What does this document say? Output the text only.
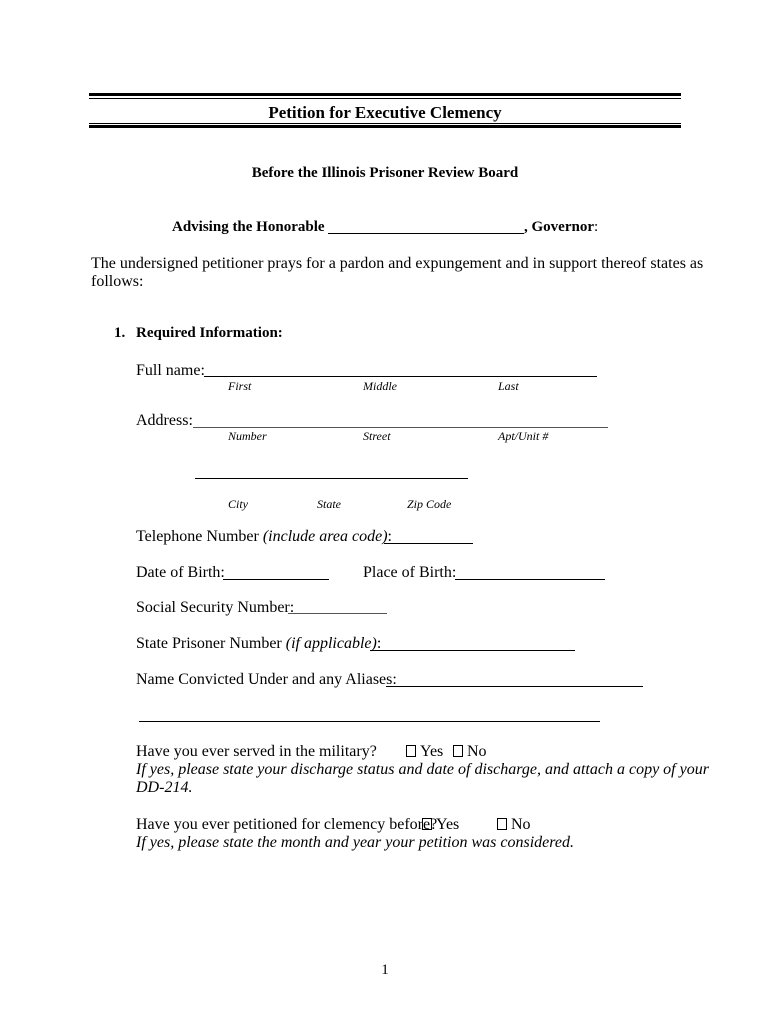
Petition for Executive Clemency
Before the Illinois Prisoner Review Board
Advising the Honorable	, Governor:
The undersigned petitioner prays for a pardon and expungement and in support thereof states as
follows:
1. Required Information:
Full name:
First	Middle	Last
Address:
Number	Street	Apt/Unit #
City	State	Zip Code
Telephone Number (include area code):
Date of Birth:	Place of Birth:
Social Security Number:
State Prisoner Number (if applicable):
Name Convicted Under and any Aliases:
Have you ever served in the military?	Yes	No
If yes, please state your discharge status and date of discharge, and attach a copy of your
DD-214.
Have you ever petitioned for clemency before?
Yes	No
If yes, please state the month and year your petition was considered.
1
